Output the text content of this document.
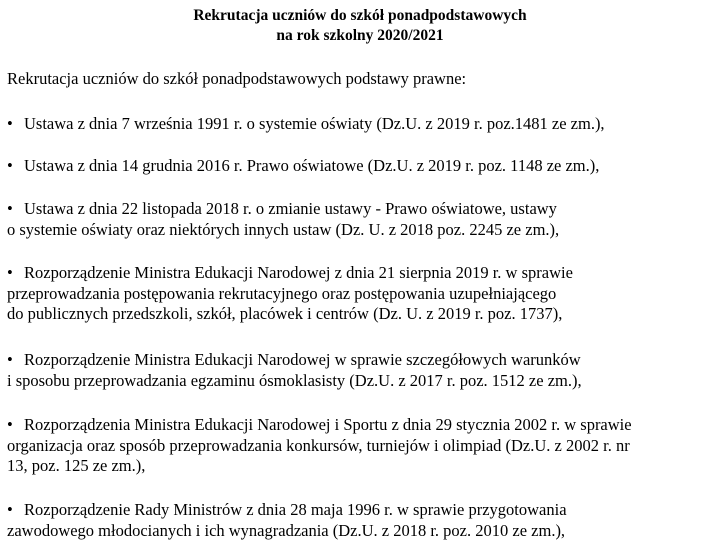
Rekrutacja uczniów do szkół ponadpodstawowych
na rok szkolny 2020/2021
Rekrutacja uczniów do szkół ponadpodstawowych podstawy prawne:
• Ustawa z dnia 7 września 1991 r. o systemie oświaty (Dz.U. z 2019 r. poz.1481 ze zm.),
• Ustawa z dnia 14 grudnia 2016 r. Prawo oświatowe (Dz.U. z 2019 r. poz. 1148 ze zm.),
• Ustawa z dnia 22 listopada 2018 r. o zmianie ustawy - Prawo oświatowe, ustawy
o systemie oświaty oraz niektórych innych ustaw (Dz. U. z 2018 poz. 2245 ze zm.),
• Rozporządzenie Ministra Edukacji Narodowej z dnia 21 sierpnia 2019 r. w sprawie
przeprowadzania postępowania rekrutacyjnego oraz postępowania uzupełniającego
do publicznych przedszkoli, szkół, placówek i centrów (Dz. U. z 2019 r. poz. 1737),
• Rozporządzenie Ministra Edukacji Narodowej w sprawie szczegółowych warunków
i sposobu przeprowadzania egzaminu ósmoklasisty (Dz.U. z 2017 r. poz. 1512 ze zm.),
• Rozporządzenia Ministra Edukacji Narodowej i Sportu z dnia 29 stycznia 2002 r. w sprawie
organizacja oraz sposób przeprowadzania konkursów, turniejów i olimpiad (Dz.U. z 2002 r. nr
13, poz. 125 ze zm.),
• Rozporządzenie Rady Ministrów z dnia 28 maja 1996 r. w sprawie przygotowania
zawodowego młodocianych i ich wynagradzania (Dz.U. z 2018 r. poz. 2010 ze zm.),
